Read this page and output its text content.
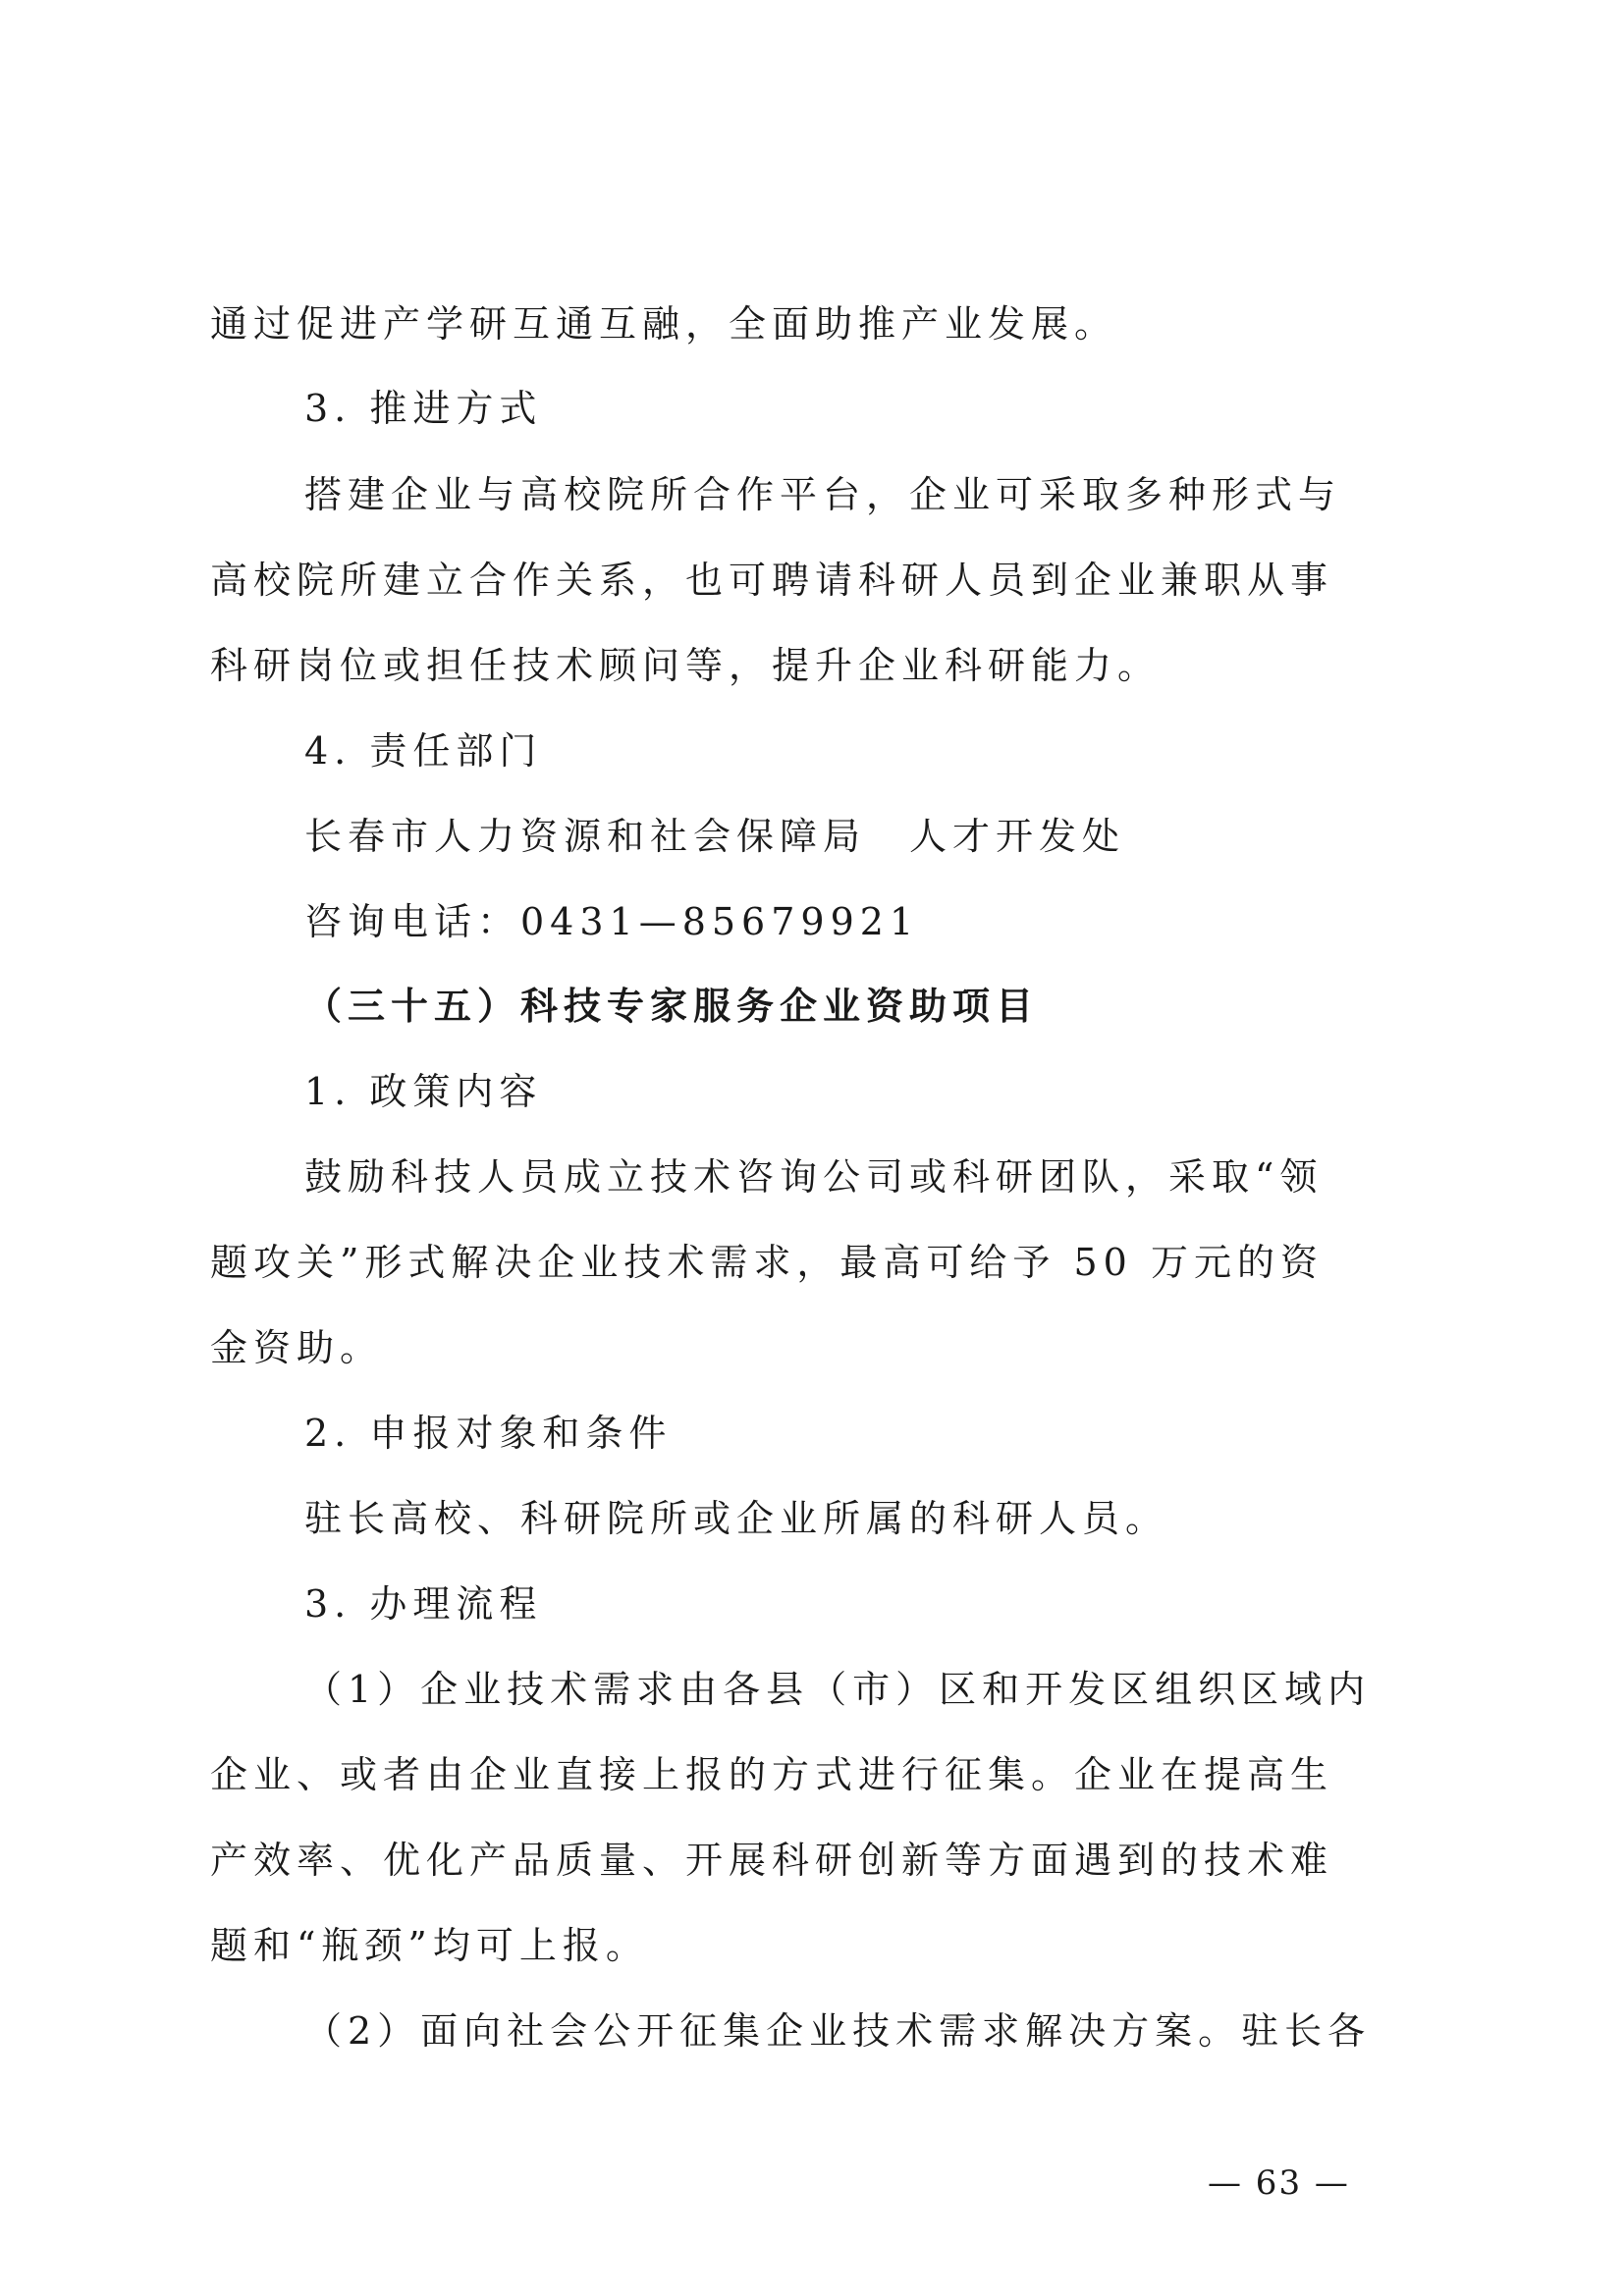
通过促进产学研互通互融，全面助推产业发展。
3. 推进方式
搭建企业与高校院所合作平台，企业可采取多种形式与
高校院所建立合作关系，也可聘请科研人员到企业兼职从事
科研岗位或担任技术顾问等，提升企业科研能力。
4. 责任部门
长春市人力资源和社会保障局　人才开发处
咨询电话：0431—85679921
（三十五）科技专家服务企业资助项目
1. 政策内容
鼓励科技人员成立技术咨询公司或科研团队，采取“领
题攻关”形式解决企业技术需求，最高可给予 50 万元的资
金资助。
2. 申报对象和条件
驻长高校、科研院所或企业所属的科研人员。
3. 办理流程
（1）企业技术需求由各县（市）区和开发区组织区域内
企业、或者由企业直接上报的方式进行征集。企业在提高生
产效率、优化产品质量、开展科研创新等方面遇到的技术难
题和“瓶颈”均可上报。
（2）面向社会公开征集企业技术需求解决方案。驻长各
— 63 —
